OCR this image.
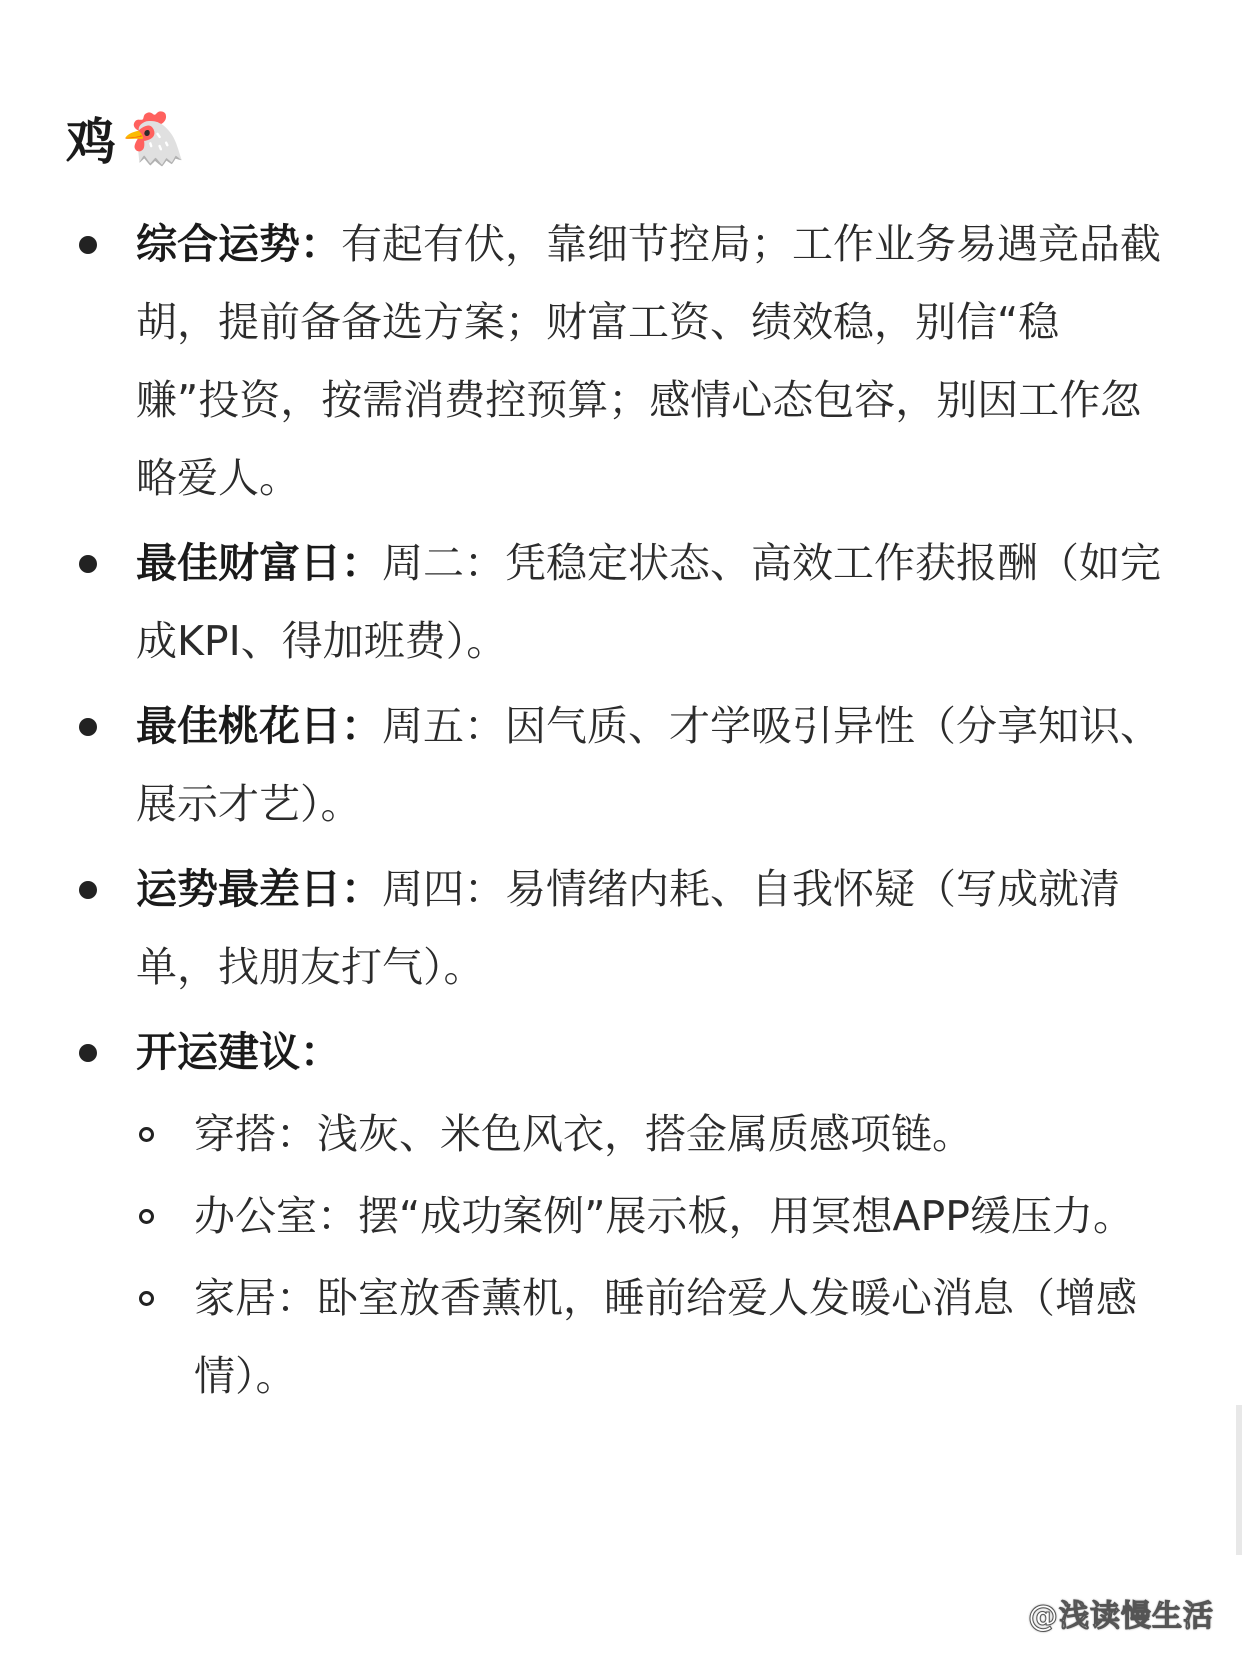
鸡 🐔
综合运势：有起有伏，靠细节控局；工作业务易遇竞品截胡，提前备备选方案；财富工资、绩效稳，别信“稳赚”投资，按需消费控预算；感情心态包容，别因工作忽略爱人。
最佳财富日：周二：凭稳定状态、高效工作获报酬（如完成KPI、得加班费）。
最佳桃花日：周五：因气质、才学吸引异性（分享知识、展示才艺）。
运势最差日：周四：易情绪内耗、自我怀疑（写成就清单，找朋友打气）。
开运建议：
穿搭：浅灰、米色风衣，搭金属质感项链。
办公室：摆“成功案例”展示板，用冥想APP缓压力。
家居：卧室放香薰机，睡前给爱人发暖心消息（增感情）。
@浅读慢生活
